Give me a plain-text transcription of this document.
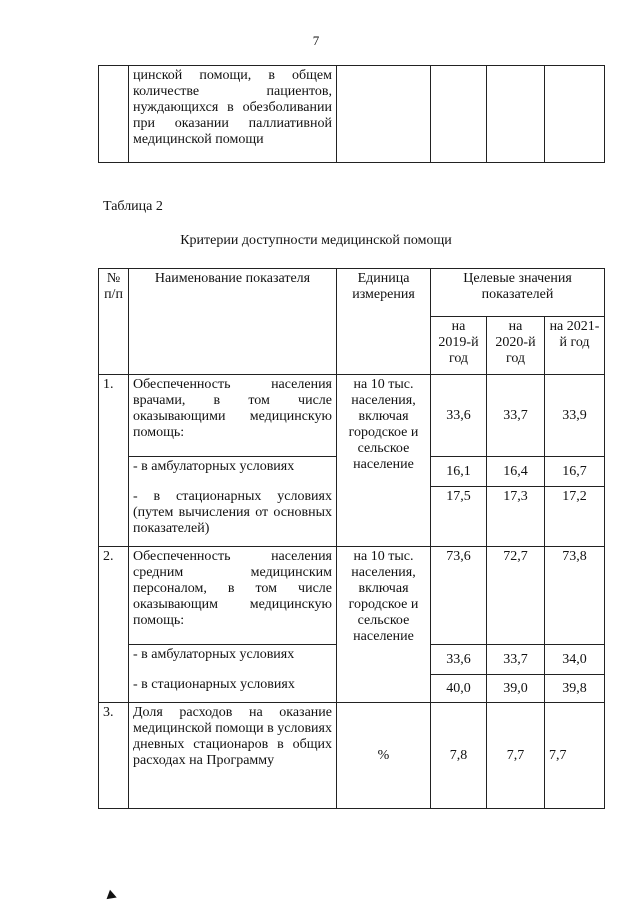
7
	цинской помощи, в общем количестве пациентов, нуждающихся в обезболивании при оказании паллиативной медицинской помощи				
Таблица 2
Критерии доступности медицинской помощи
№ п/п	Наименование показателя	Единица измерения	Целевые значения показателей		
			на 2019-й год	на 2020-й год	на 2021-й год
1.	Обеспеченность населения врачами, в том числе оказывающими медицинскую помощь:	на 10 тыс. населения, включая городское и сельское население	33,6	33,7	33,9
	- в амбулаторных условиях		16,1	16,4	16,7
	- в стационарных условиях (путем вычисления от основных показателей)		17,5	17,3	17,2
2.	Обеспеченность населения средним медицинским персоналом, в том числе оказывающим медицинскую помощь:	на 10 тыс. населения, включая городское и сельское население	73,6	72,7	73,8
	- в амбулаторных условиях		33,6	33,7	34,0
	- в стационарных условиях		40,0	39,0	39,8
3.	Доля расходов на оказание медицинской помощи в условиях дневных стационаров в общих расходах на Программу	%	7,8	7,7	7,7
